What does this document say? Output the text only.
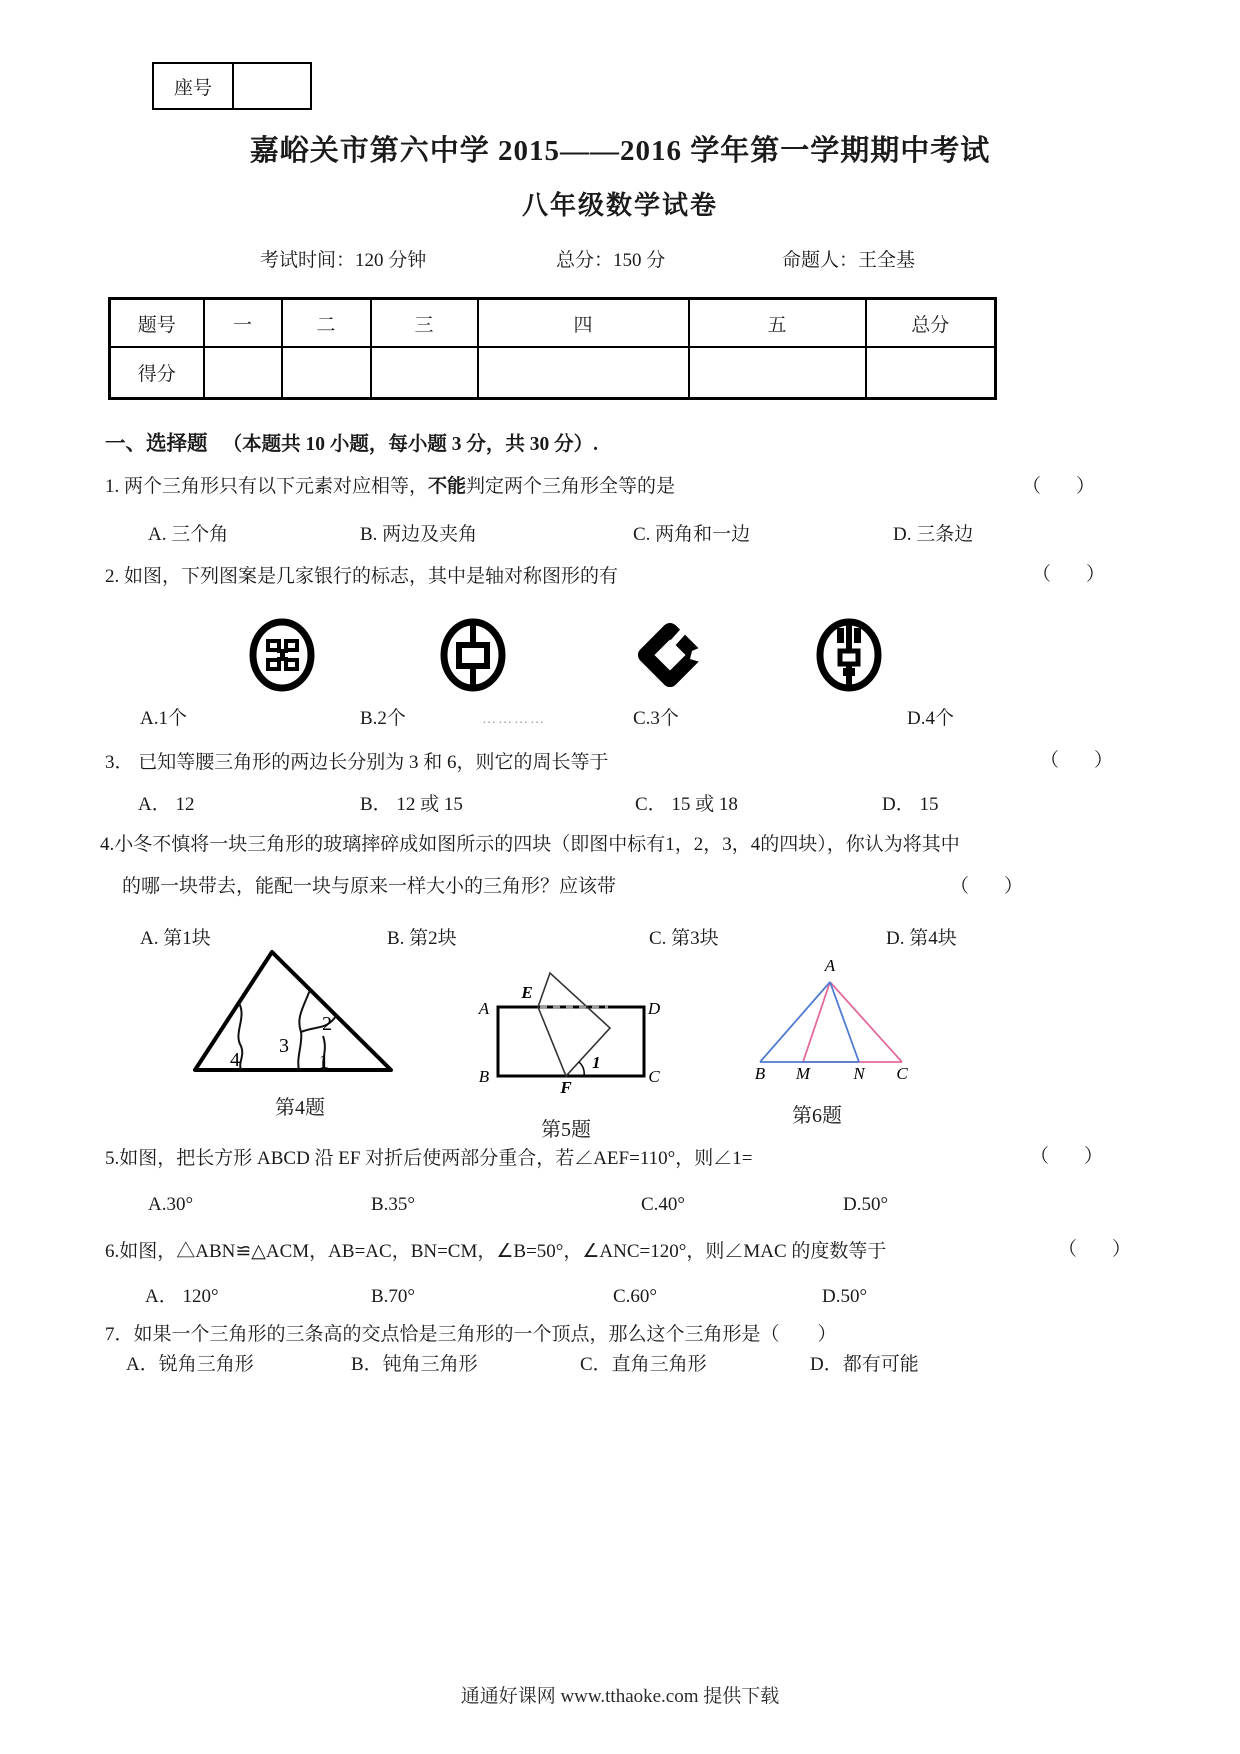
座号
嘉峪关市第六中学 2015——2016 学年第一学期期中考试
八年级数学试卷
考试时间：120 分钟	总分：150 分	命题人：王全基
题号	一	二	三	四	五	总分
得分						
一、选择题 （本题共 10 小题，每小题 3 分，共 30 分）.
1. 两个三角形只有以下元素对应相等，不能判定两个三角形全等的是	（　）
A. 三个角	B. 两边及夹角	C. 两角和一边	D. 三条边
2. 如图，下列图案是几家银行的标志，其中是轴对称图形的有	（　）
A.1个	B.2个	…………	C.3个	D.4个
3． 已知等腰三角形的两边长分别为 3 和 6，则它的周长等于	（　）
A． 12	B． 12 或 15	C． 15 或 18	D． 15
4.小冬不慎将一块三角形的玻璃摔碎成如图所示的四块（即图中标有1，2，3，4的四块），你认为将其中
的哪一块带去，能配一块与原来一样大小的三角形？应该带	（　）
A. 第1块	B. 第2块	C. 第3块	D. 第4块
4
3
2
1
第4题
A
B
D
C
E
F
1
第5题
A
B M	N C
第6题
5.如图，把长方形 ABCD 沿 EF 对折后使两部分重合，若∠AEF=110°，则∠1=	（　）
A.30°	B.35°	C.40°	D.50°
6.如图，△ABN≌△ACM，AB=AC，BN=CM，∠B=50°，∠ANC=120°，则∠MAC 的度数等于	（　）
A． 120°	B.70°	C.60°	D.50°
7．如果一个三角形的三条高的交点恰是三角形的一个顶点，那么这个三角形是（　　）
A．锐角三角形	B．钝角三角形	C．直角三角形	D．都有可能
通通好课网 www.tthaoke.com 提供下载
